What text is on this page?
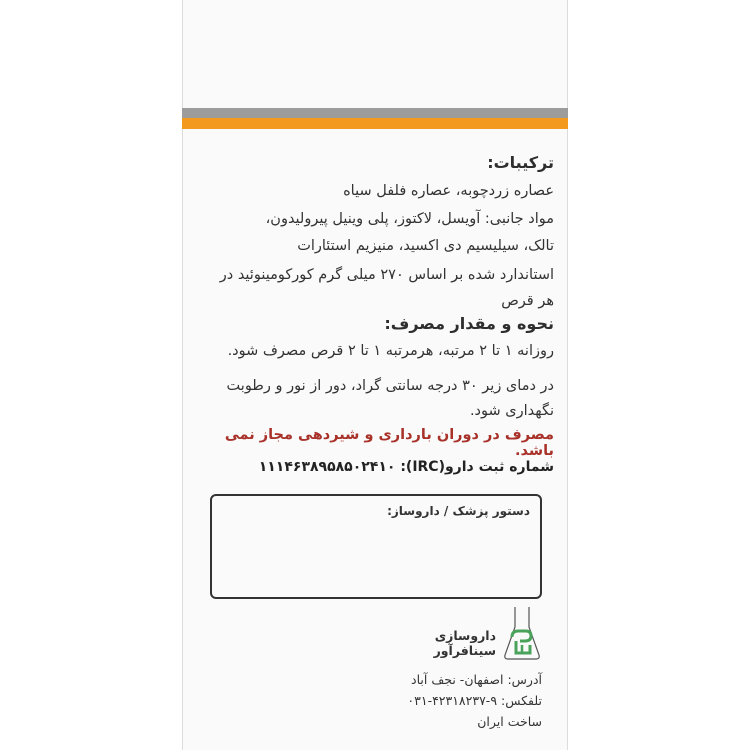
ترکیبات:
عصاره زردچوبه، عصاره فلفل سیاه
مواد جانبی: آویسل، لاکتوز، پلی وینیل پیرولیدون،
تالک، سیلیسیم دی اکسید، منیزیم استئارات
استاندارد شده بر اساس ۲۷۰ میلی گرم کورکومینوئید در
هر قرص
نحوه و مقدار مصرف:
روزانه ۱ تا ۲ مرتبه، هرمرتبه ۱ تا ۲ قرص مصرف شود.
در دمای زیر ۳۰ درجه سانتی گراد، دور از نور و رطوبت
نگهداری شود.
مصرف در دوران بارداری و شیردهی مجاز نمی باشد.
شماره ثبت دارو(IRC): ۱۱۱۴۶۳۸۹۵۸۵۰۲۴۱۰
دستور پزشک / داروساز:
داروسازی سینافرآور
آدرس: اصفهان- نجف آباد
تلفکس: ۹-۴۲۳۱۸۲۳۷-۰۳۱
ساخت ایران
